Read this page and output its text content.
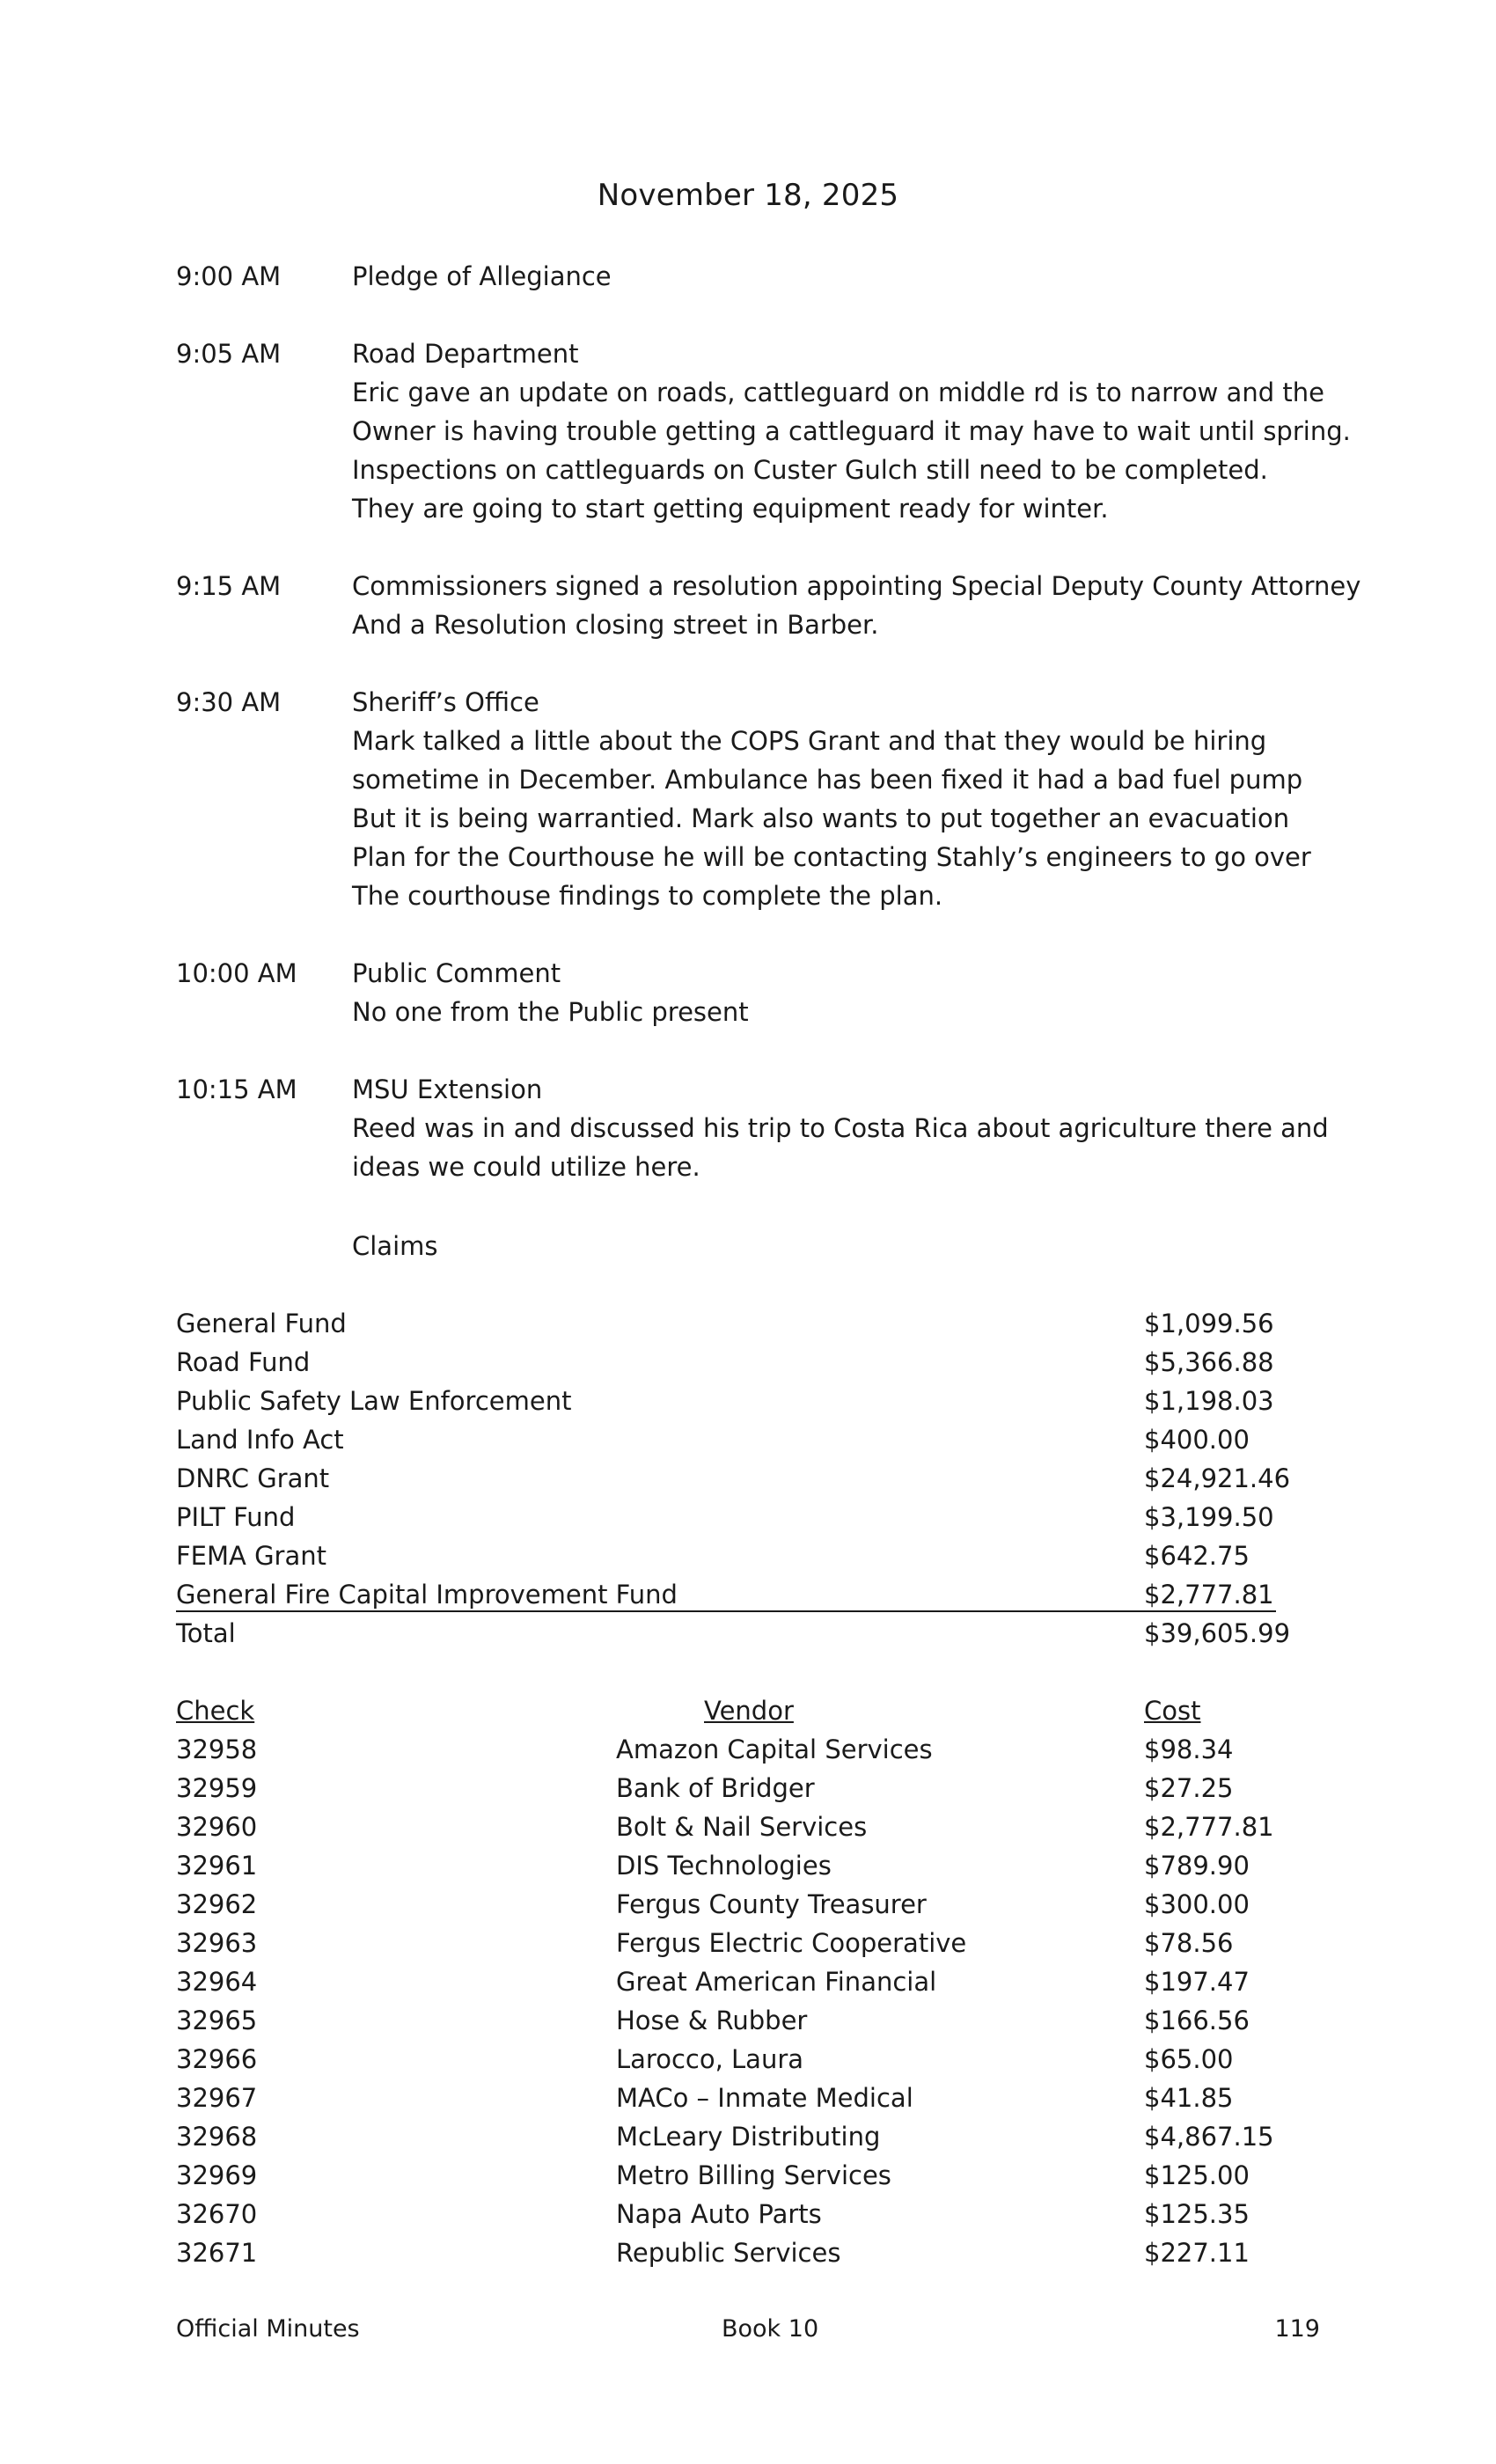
November 18, 2025
9:00 AM	Pledge of Allegiance
9:05 AM	Road Department
Eric gave an update on roads, cattleguard on middle rd is to narrow and the
Owner is having trouble getting a cattleguard it may have to wait until spring.
Inspections on cattleguards on Custer Gulch still need to be completed.
They are going to start getting equipment ready for winter.
9:15 AM	Commissioners signed a resolution appointing Special Deputy County Attorney
And a Resolution closing street in Barber.
9:30 AM	Sheriff’s Office
Mark talked a little about the COPS Grant and that they would be hiring
sometime in December. Ambulance has been fixed it had a bad fuel pump
But it is being warrantied. Mark also wants to put together an evacuation
Plan for the Courthouse he will be contacting Stahly’s engineers to go over
The courthouse findings to complete the plan.
10:00 AM	Public Comment
No one from the Public present
10:15 AM	MSU Extension
Reed was in and discussed his trip to Costa Rica about agriculture there and
ideas we could utilize here.
Claims
General Fund	$1,099.56
Road Fund	$5,366.88
Public Safety Law Enforcement	$1,198.03
Land Info Act	$400.00
DNRC Grant	$24,921.46
PILT Fund	$3,199.50
FEMA Grant	$642.75
General Fire Capital Improvement Fund	$2,777.81
Total	$39,605.99
Check	Vendor	Cost
32958	Amazon Capital Services	$98.34
32959	Bank of Bridger	$27.25
32960	Bolt & Nail Services	$2,777.81
32961	DIS Technologies	$789.90
32962	Fergus County Treasurer	$300.00
32963	Fergus Electric Cooperative	$78.56
32964	Great American Financial	$197.47
32965	Hose & Rubber	$166.56
32966	Larocco, Laura	$65.00
32967	MACo – Inmate Medical	$41.85
32968	McLeary Distributing	$4,867.15
32969	Metro Billing Services	$125.00
32670	Napa Auto Parts	$125.35
32671	Republic Services	$227.11
Official Minutes	Book 10	119
